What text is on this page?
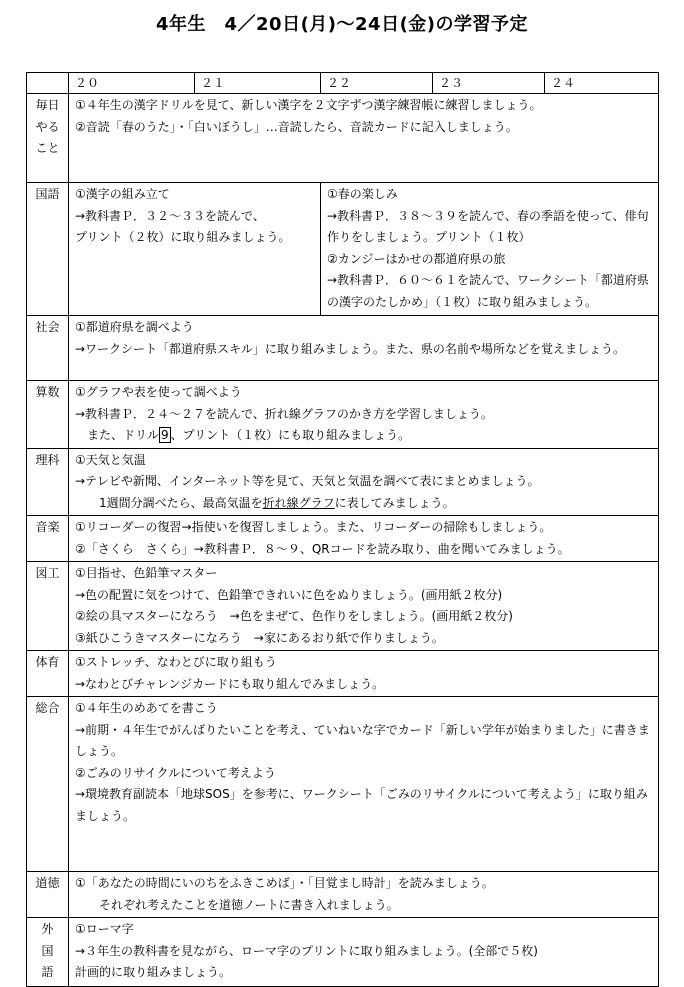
4年生　4／20日(月)～24日(金)の学習予定
	２０	２１	２２	２３	２４

毎日
やる
こと	①４年生の漢字ドリルを見て、新しい漢字を２文字ずつ漢字練習帳に練習しましょう。
②音読「春のうた」・「白いぼうし」…音読したら、音読カードに記入しましょう。				

国語	①漢字の組み立て
→教科書Ｐ．３２～３３を読んで、
プリント（２枚）に取り組みましょう。		①春の楽しみ
→教科書Ｐ．３８～３９を読んで、春の季語を使って、俳句作りをしましょう。プリント（１枚）
②カンジーはかせの都道府県の旅
→教科書Ｐ．６０～６１を読んで、ワークシート「都道府県の漢字のたしかめ」（１枚）に取り組みましょう。		

社会	①都道府県を調べよう
→ワークシート「都道府県スキル」に取り組みましょう。また、県の名前や場所などを覚えましょう。				

算数	①グラフや表を使って調べよう
→教科書Ｐ．２４～２７を読んで、折れ線グラフのかき方を学習しましょう。
また、ドリル 9 、プリント（１枚）にも取り組みましょう。				

理科	①天気と気温
→テレビや新聞、インターネット等を見て、天気と気温を調べて表にまとめましょう。
1週間分調べたら、最高気温を折れ線グラフに表してみましょう。				

音楽	①リコーダーの復習→指使いを復習しましょう。また、リコーダーの掃除もしましょう。
②「さくら　さくら」→教科書Ｐ．８～９、QRコードを読み取り、曲を聞いてみましょう。				

図工	①目指せ、色鉛筆マスター
→色の配置に気をつけて、色鉛筆できれいに色をぬりましょう。(画用紙２枚分)
②絵の具マスターになろう　→色をまぜて、色作りをしましょう。(画用紙２枚分)
③紙ひこうきマスターになろう　→家にあるおり紙で作りましょう。				

体育	①ストレッチ、なわとびに取り組もう
→なわとびチャレンジカードにも取り組んでみましょう。				

総合	①４年生のめあてを書こう
→前期・４年生でがんばりたいことを考え、ていねいな字でカード「新しい学年が始まりました」に書きましょう。
②ごみのリサイクルについて考えよう
→環境教育副読本「地球SOS」を参考に、ワークシート「ごみのリサイクルについて考えよう」に取り組みましょう。				

道徳	①「あなたの時間にいのちをふきこめば」・「目覚まし時計」を読みましょう。
それぞれ考えたことを道徳ノートに書き入れましょう。				

外
国
語	①ローマ字
→３年生の教科書を見ながら、ローマ字のプリントに取り組みましょう。(全部で５枚)
計画的に取り組みましょう。				
